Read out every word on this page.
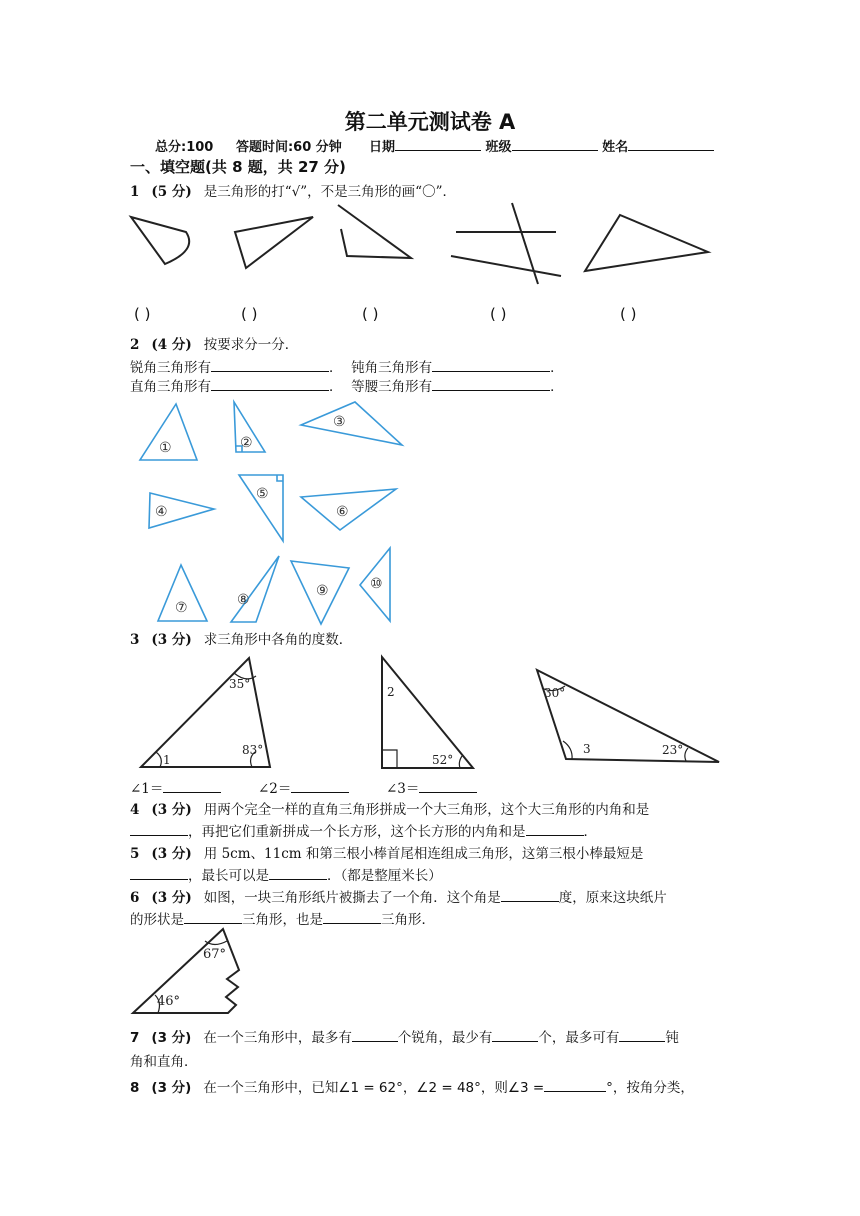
第二单元测试卷 A
总分:100 答题时间:60 分钟 日期	班级	姓名
一、填空题(共 8 题，共 27 分)
1 (5 分) 是三角形的打“√”，不是三角形的画“〇”．
( )	( )	( )	( )	( )
2 (4 分) 按要求分一分．
锐角三角形有	． 钝角三角形有	．
直角三角形有	． 等腰三角形有	．
①	②
③
④
⑤
⑥
⑦	⑧
⑨	⑩
3 (3 分) 求三角形中各角的度数．
35°
83°
1
2
52°
30°
3	23°
∠1＝	∠2＝	∠3＝
4 (3 分) 用两个完全一样的直角三角形拼成一个大三角形，这个大三角形的内角和是
，再把它们重新拼成一个长方形，这个长方形的内角和是	．
5 (3 分) 用 5cm、11cm 和第三根小棒首尾相连组成三角形，这第三根小棒最短是
，最长可以是	．（都是整厘米长）
6 (3 分) 如图，一块三角形纸片被撕去了一个角．这个角是	度，原来这块纸片
的形状是	三角形，也是	三角形．
67°
46°
7 (3 分) 在一个三角形中，最多有	个锐角，最少有	个，最多可有	钝
角和直角．
8 (3 分) 在一个三角形中，已知∠1 = 62°，∠2 = 48°，则∠3 =	°，按角分类，
